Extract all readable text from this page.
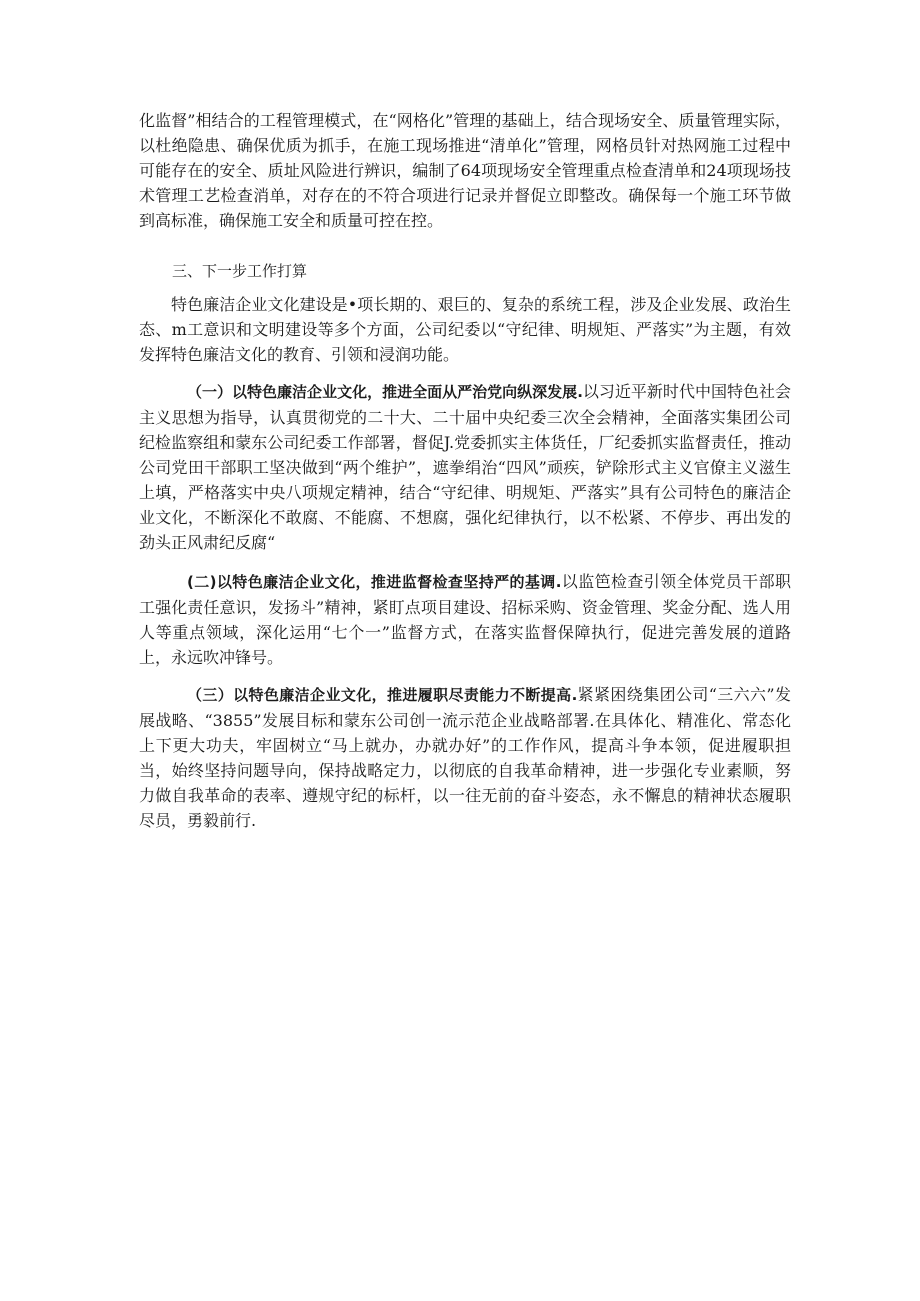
化监督”相结合的工程管理模式，在“网格化”管理的基础上，结合现场安全、质量管理实际，以杜绝隐患、确保优质为抓手，在施工现场推进“清单化”管理，网格员针对热网施工过程中可能存在的安全、质址风险进行辨识，编制了64项现场安全管理重点检查清单和24项现场技术管理工艺检查消单，对存在的不符合项进行记录并督促立即整改。确保每一个施工环节做到高标准，确保施工安全和质量可控在控。

三、下一步工作打算

特色廉洁企业文化建设是•项长期的、艰巨的、复杂的系统工程，涉及企业发展、政治生态、m工意识和文明建设等多个方面，公司纪委以“守纪律、明规矩、严落实”为主题，有效发挥特色廉洁文化的教育、引领和浸润功能。

（一）以特色廉洁企业文化，推进全面从严治党向纵深发展.以习近平新时代中国特色社会主义思想为指导，认真贯彻党的二十大、二十届中央纪委三次全会精神，全面落实集团公司纪检监察组和蒙东公司纪委工作部署，督促J.党委抓实主体货任，厂纪委抓实监督责任，推动公司党田干部职工坚决做到“两个维护”，遮拳绢治“四风”顽疾，铲除形式主义官僚主义滋生上填，严格落实中央八项规定精神，结合“守纪律、明规矩、严落实”具有公司特色的廉洁企业文化，不断深化不敢腐、不能腐、不想腐，强化纪律执行，以不松紧、不停步、再出发的劲头正风肃纪反腐“

(二)以特色廉洁企业文化，推进监督检查坚持严的基调.以监笆检查引领全体党员干部职工强化责任意识，发扬斗”精神，紧盯点项目建设、招标采购、资金管理、奖金分配、选人用人等重点领域，深化运用“七个一”监督方式，在落实监督保障执行，促进完善发展的道路上，永远吹冲锋号。

（三）以特色廉洁企业文化，推进履职尽责能力不断提高.紧紧困绕集团公司“三六六”发展战略、“3855”发展目标和蒙东公司创一流示范企业战略部署.在具体化、精准化、常态化上下更大功夫，牢固树立“马上就办，办就办好”的工作作风，提高斗争本领，促进履职担当，始终坚持问题导向，保持战略定力，以彻底的自我革命精神，进一步强化专业素顺，努力做自我革命的表率、遵规守纪的标杆，以一往无前的奋斗姿态，永不懈息的精神状态履职尽员，勇毅前行.
